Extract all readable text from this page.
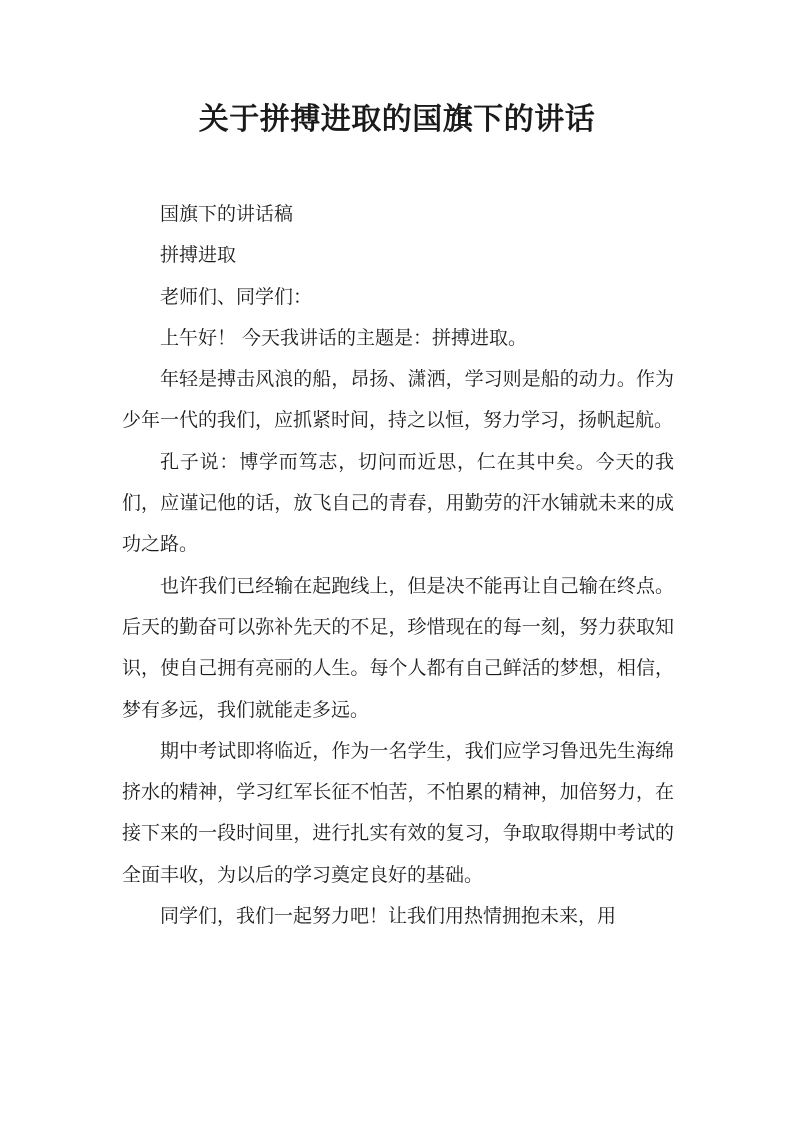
关于拼搏进取的国旗下的讲话

国旗下的讲话稿

拼搏进取

老师们、同学们：

上午好！ 今天我讲话的主题是：拼搏进取。

年轻是搏击风浪的船，昂扬、潇洒，学习则是船的动力。作为少年一代的我们，应抓紧时间，持之以恒，努力学习，扬帆起航。

孔子说：博学而笃志，切问而近思，仁在其中矣。今天的我们，应谨记他的话，放飞自己的青春，用勤劳的汗水铺就未来的成功之路。

也许我们已经输在起跑线上，但是决不能再让自己输在终点。后天的勤奋可以弥补先天的不足，珍惜现在的每一刻，努力获取知识，使自己拥有亮丽的人生。每个人都有自己鲜活的梦想，相信，梦有多远，我们就能走多远。

期中考试即将临近，作为一名学生，我们应学习鲁迅先生海绵挤水的精神，学习红军长征不怕苦，不怕累的精神，加倍努力，在接下来的一段时间里，进行扎实有效的复习，争取取得期中考试的全面丰收，为以后的学习奠定良好的基础。

同学们，我们一起努力吧！让我们用热情拥抱未来，用
